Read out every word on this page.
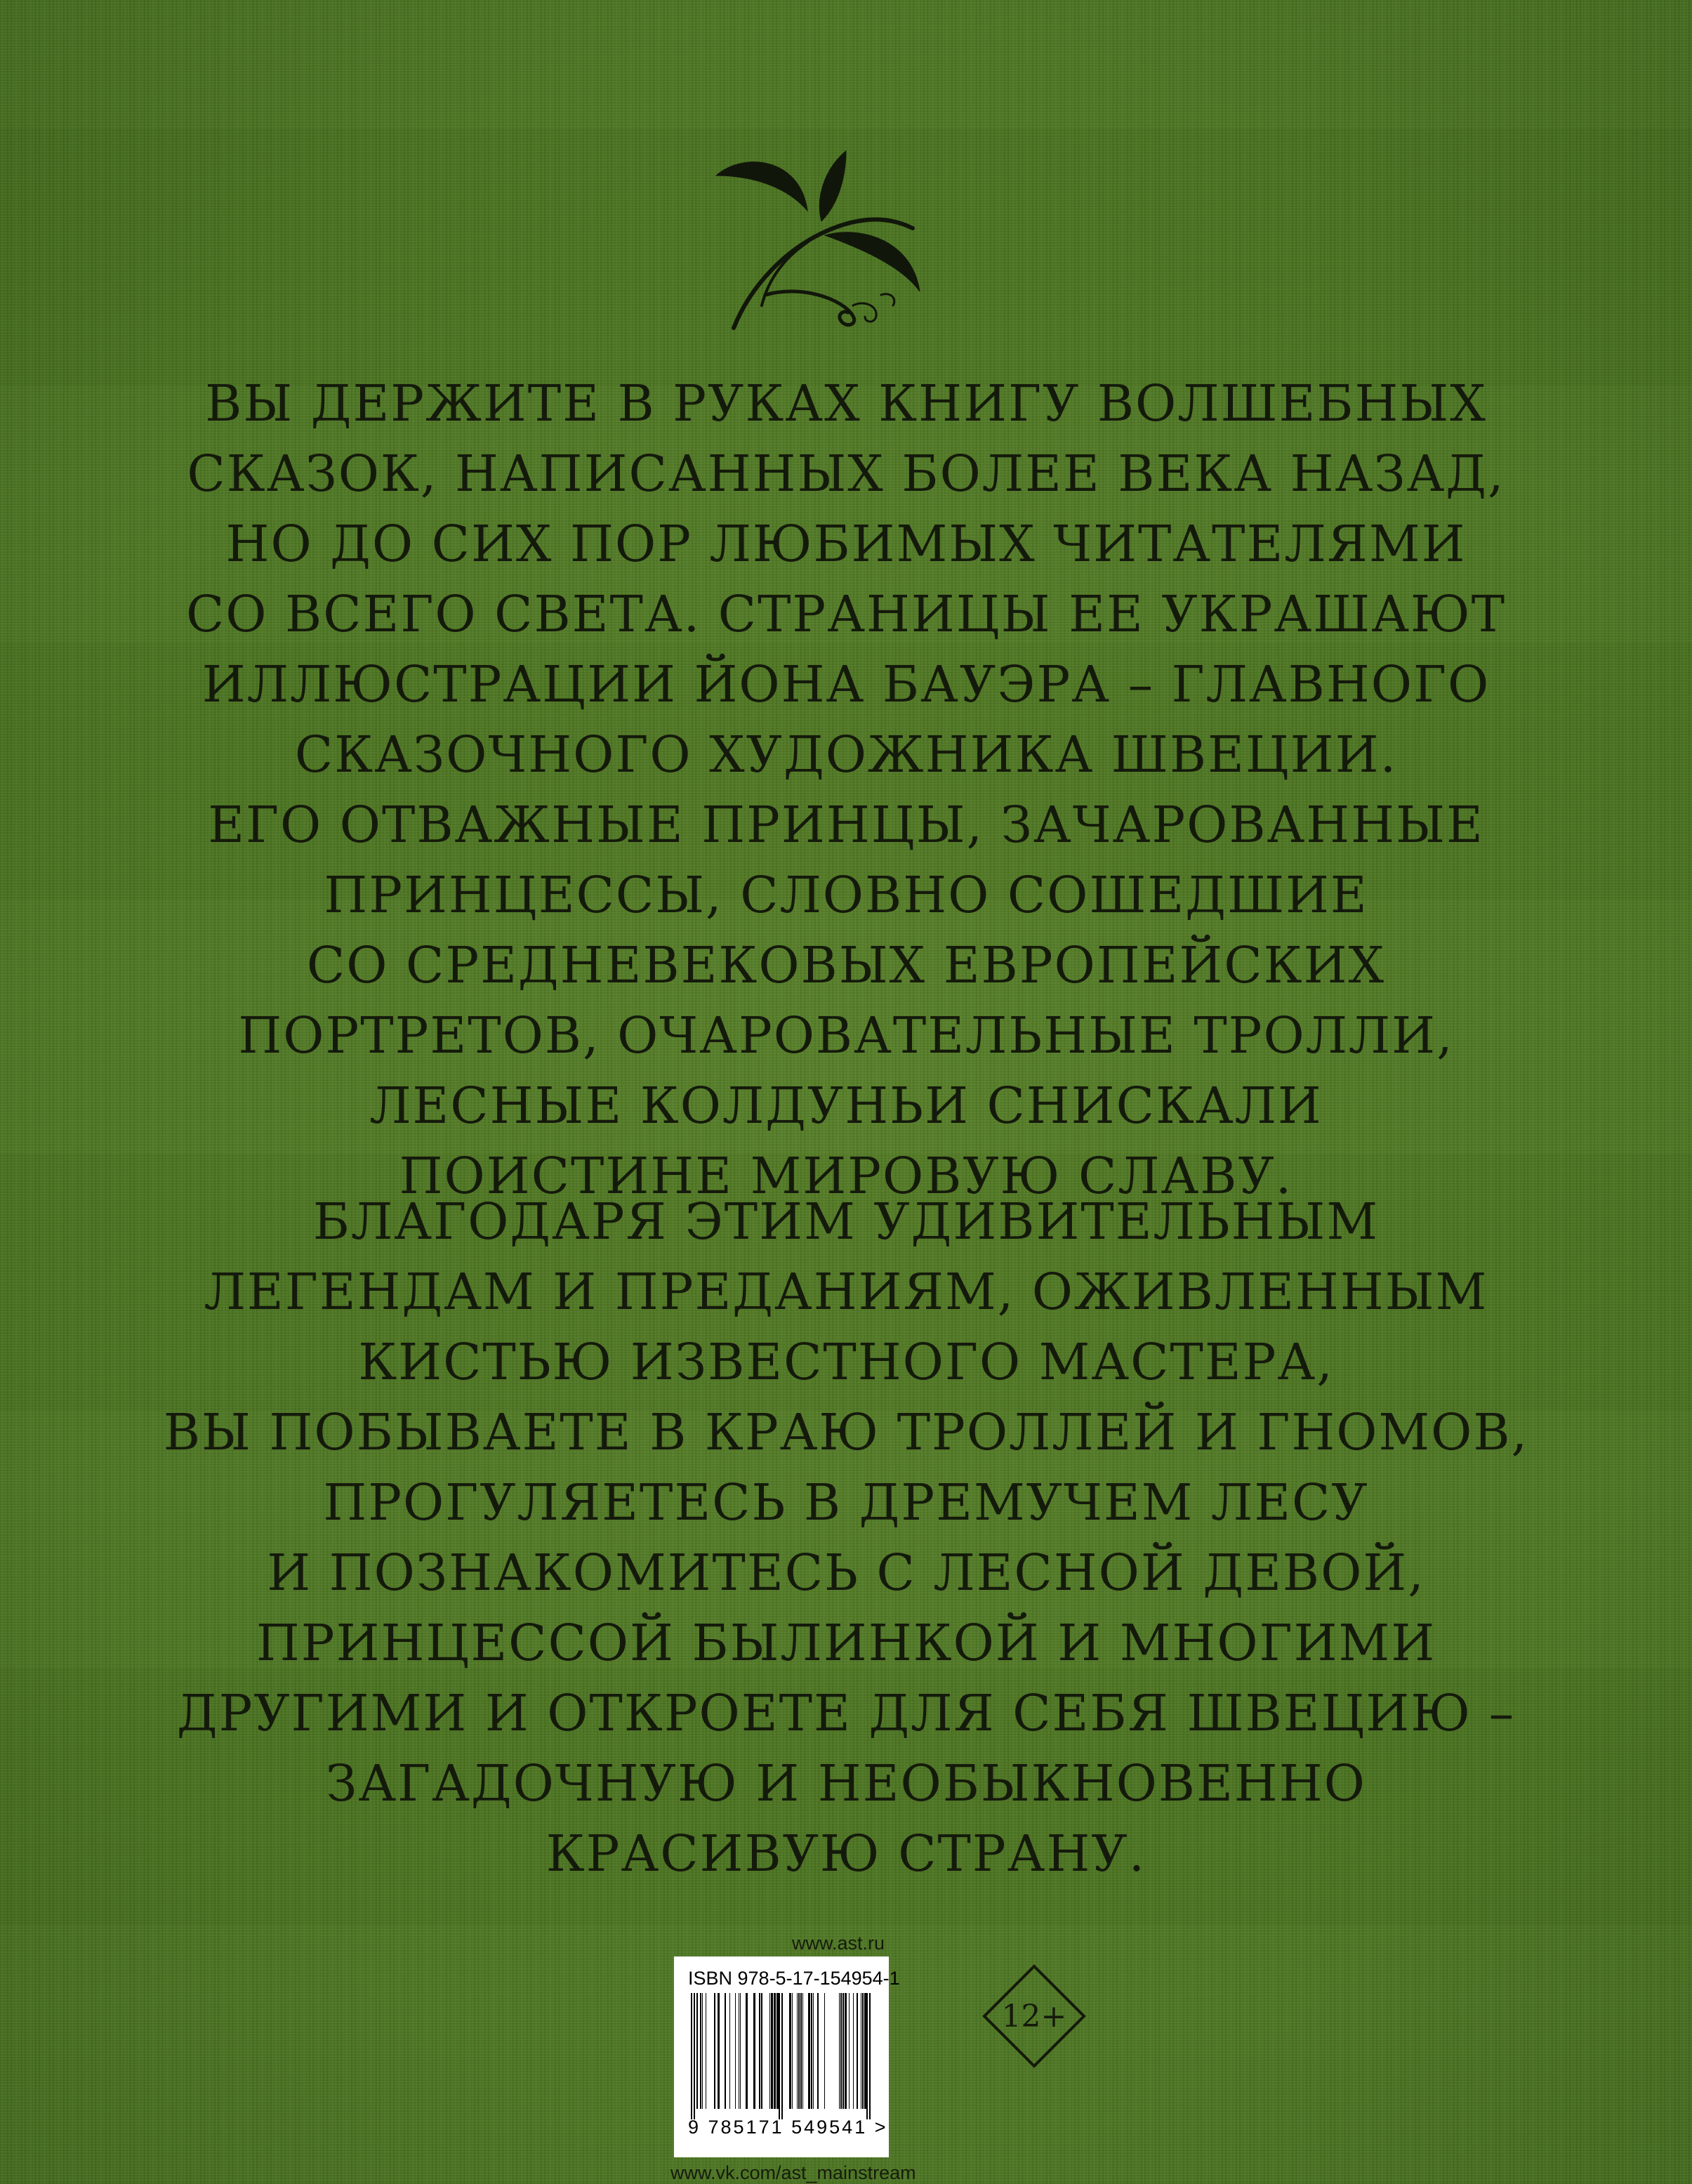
ВЫ ДЕРЖИТЕ В РУКАХ КНИГУ ВОЛШЕБНЫХ
СКАЗОК, НАПИСАННЫХ БОЛЕЕ ВЕКА НАЗАД,
НО ДО СИХ ПОР ЛЮБИМЫХ ЧИТАТЕЛЯМИ
СО ВСЕГО СВЕТА. СТРАНИЦЫ ЕЕ УКРАШАЮТ
ИЛЛЮСТРАЦИИ ЙОНА БАУЭРА – ГЛАВНОГО
СКАЗОЧНОГО ХУДОЖНИКА ШВЕЦИИ.
ЕГО ОТВАЖНЫЕ ПРИНЦЫ, ЗАЧАРОВАННЫЕ
ПРИНЦЕССЫ, СЛОВНО СОШЕДШИЕ
СО СРЕДНЕВЕКОВЫХ ЕВРОПЕЙСКИХ
ПОРТРЕТОВ, ОЧАРОВАТЕЛЬНЫЕ ТРОЛЛИ,
ЛЕСНЫЕ КОЛДУНЬИ СНИСКАЛИ
ПОИСТИНЕ МИРОВУЮ СЛАВУ.
БЛАГОДАРЯ ЭТИМ УДИВИТЕЛЬНЫМ
ЛЕГЕНДАМ И ПРЕДАНИЯМ, ОЖИВЛЕННЫМ
КИСТЬЮ ИЗВЕСТНОГО МАСТЕРА,
ВЫ ПОБЫВАЕТЕ В КРАЮ ТРОЛЛЕЙ И ГНОМОВ,
ПРОГУЛЯЕТЕСЬ В ДРЕМУЧЕМ ЛЕСУ
И ПОЗНАКОМИТЕСЬ С ЛЕСНОЙ ДЕВОЙ,
ПРИНЦЕССОЙ БЫЛИНКОЙ И МНОГИМИ
ДРУГИМИ И ОТКРОЕТЕ ДЛЯ СЕБЯ ШВЕЦИЮ –
ЗАГАДОЧНУЮ И НЕОБЫКНОВЕННО
КРАСИВУЮ СТРАНУ.
www.ast.ru
ISBN 978-5-17-154954-1
9 785171 549541 >
www.vk.com/ast_mainstream
12+
